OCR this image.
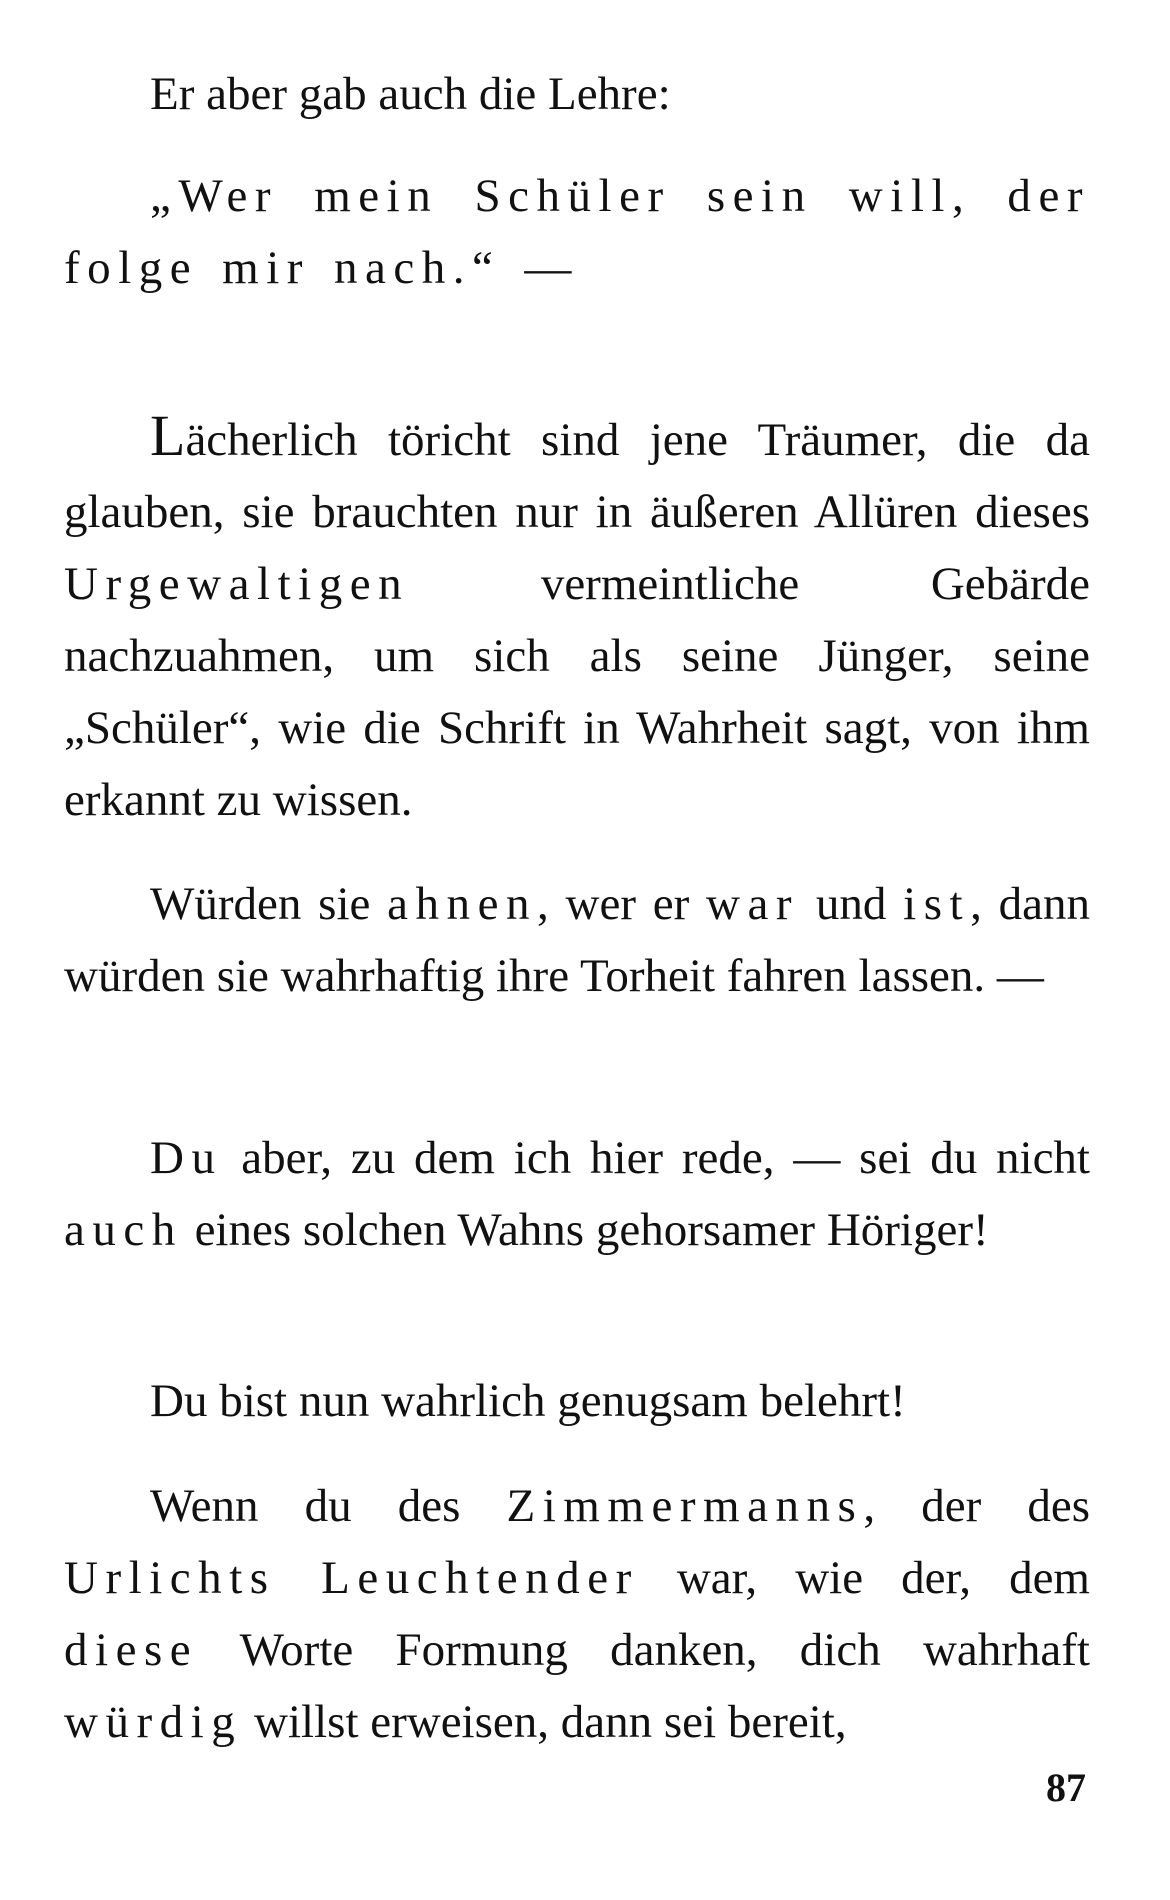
Er aber gab auch die Lehre:

„Wer mein Schüler sein will, der folge mir nach.“ —

Lächerlich töricht sind jene Träumer, die da glauben, sie brauchten nur in äußeren Allüren dieses Urgewaltigen vermeintliche Gebärde nachzuahmen, um sich als seine Jünger, seine „Schüler“, wie die Schrift in Wahrheit sagt, von ihm erkannt zu wissen.

Würden sie ahnen, wer er war und ist, dann würden sie wahrhaftig ihre Torheit fahren lassen. —

Du aber, zu dem ich hier rede, — sei du nicht auch eines solchen Wahns gehorsamer Höriger!

Du bist nun wahrlich genugsam belehrt!

Wenn du des Zimmermanns, der des Urlichts Leuchtender war, wie der, dem diese Worte Formung danken, dich wahrhaft würdig willst erweisen, dann sei bereit,

87
